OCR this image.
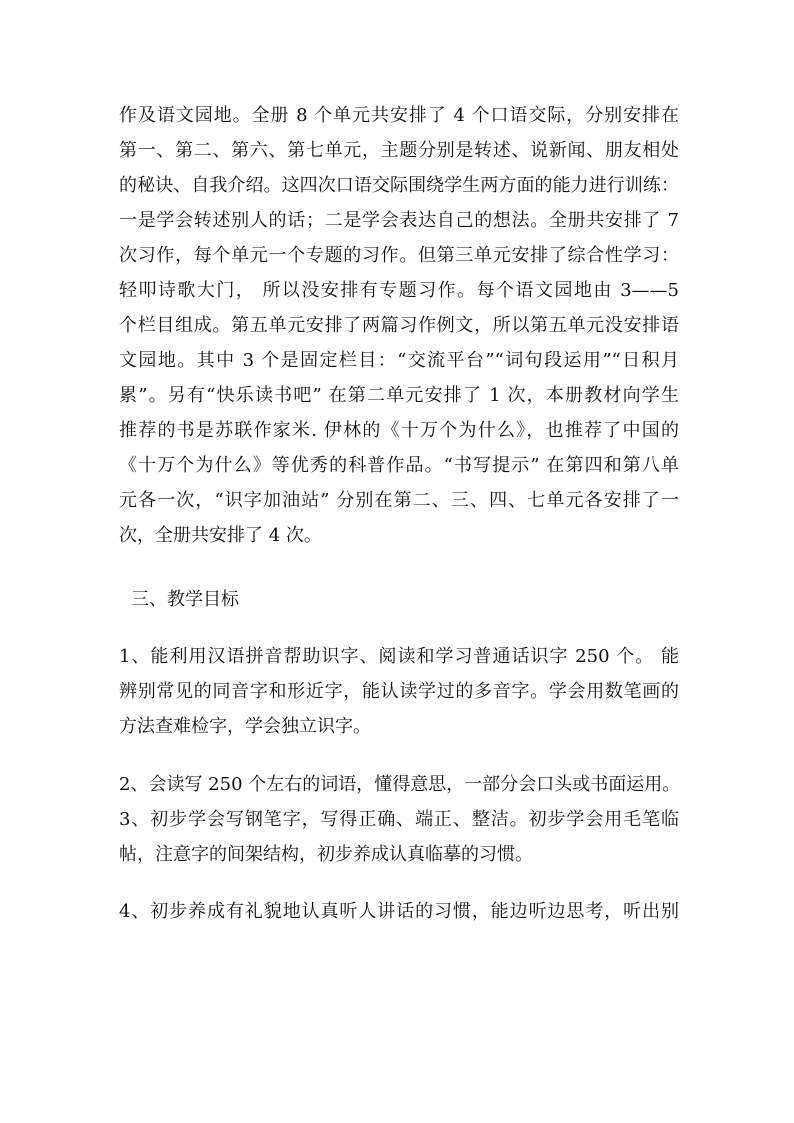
作及语文园地。全册 8 个单元共安排了 4 个口语交际，分别安排在
第一、第二、第六、第七单元，主题分别是转述、说新闻、朋友相处
的秘诀、自我介绍。这四次口语交际围绕学生两方面的能力进行训练：
一是学会转述别人的话；二是学会表达自己的想法。全册共安排了 7
次习作，每个单元一个专题的习作。但第三单元安排了综合性学习：
轻叩诗歌大门， 所以没安排有专题习作。每个语文园地由 3——5
个栏目组成。第五单元安排了两篇习作例文，所以第五单元没安排语
文园地。其中 3 个是固定栏目：“交流平台”“词句段运用”“日积月
累”。另有“快乐读书吧” 在第二单元安排了 1 次，本册教材向学生
推荐的书是苏联作家米. 伊林的《十万个为什么》，也推荐了中国的
《十万个为什么》等优秀的科普作品。“书写提示” 在第四和第八单
元各一次，“识字加油站” 分别在第二、三、四、七单元各安排了一
次，全册共安排了 4 次。
三、教学目标
1、能利用汉语拼音帮助识字、阅读和学习普通话识字 250 个。 能
辨别常见的同音字和形近字，能认读学过的多音字。学会用数笔画的
方法查难检字，学会独立识字。
2、会读写 250 个左右的词语，懂得意思，一部分会口头或书面运用。
3、初步学会写钢笔字，写得正确、端正、整洁。初步学会用毛笔临
帖，注意字的间架结构，初步养成认真临摹的习惯。
4、初步养成有礼貌地认真听人讲话的习惯，能边听边思考，听出别
